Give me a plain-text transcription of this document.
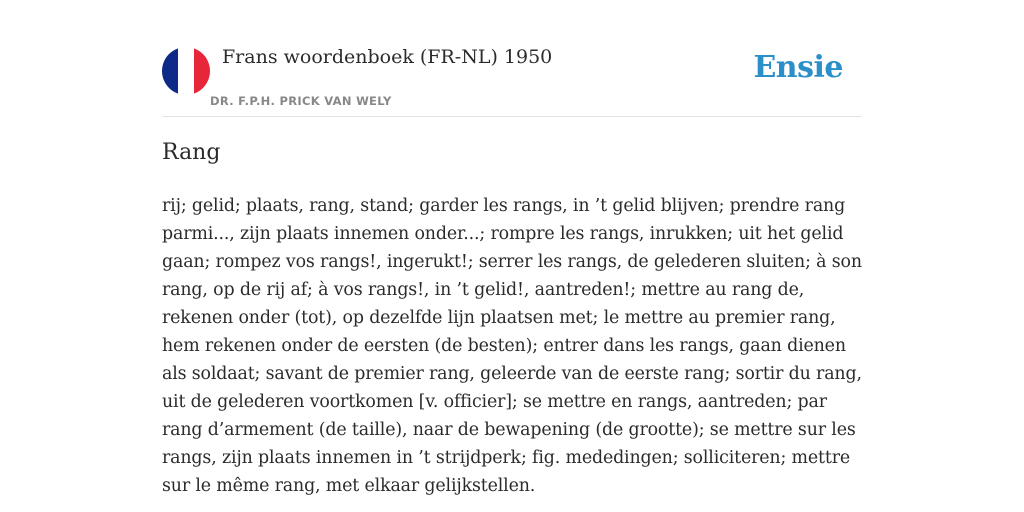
Frans woordenboek (FR-NL) 1950
DR. F.P.H. PRICK VAN WELY
Ensie
Rang

rij; gelid; plaats, rang, stand; garder les rangs, in ’t gelid blijven; prendre rang parmi..., zijn plaats innemen onder...; rompre les rangs, inrukken; uit het gelid gaan; rompez vos rangs!, ingerukt!; serrer les rangs, de gelederen sluiten; à son rang, op de rij af; à vos rangs!, in ’t gelid!, aantreden!; mettre au rang de, rekenen onder (tot), op dezelfde lijn plaatsen met; le mettre au premier rang, hem rekenen onder de eersten (de besten); entrer dans les rangs, gaan dienen als soldaat; savant de premier rang, geleerde van de eerste rang; sortir du rang, uit de gelederen voortkomen [v. officier]; se mettre en rangs, aantreden; par rang d’armement (de taille), naar de bewapening (de grootte); se mettre sur les rangs, zijn plaats innemen in ’t strijdperk; fig. mededingen; solliciteren; mettre sur le même rang, met elkaar gelijkstellen.
